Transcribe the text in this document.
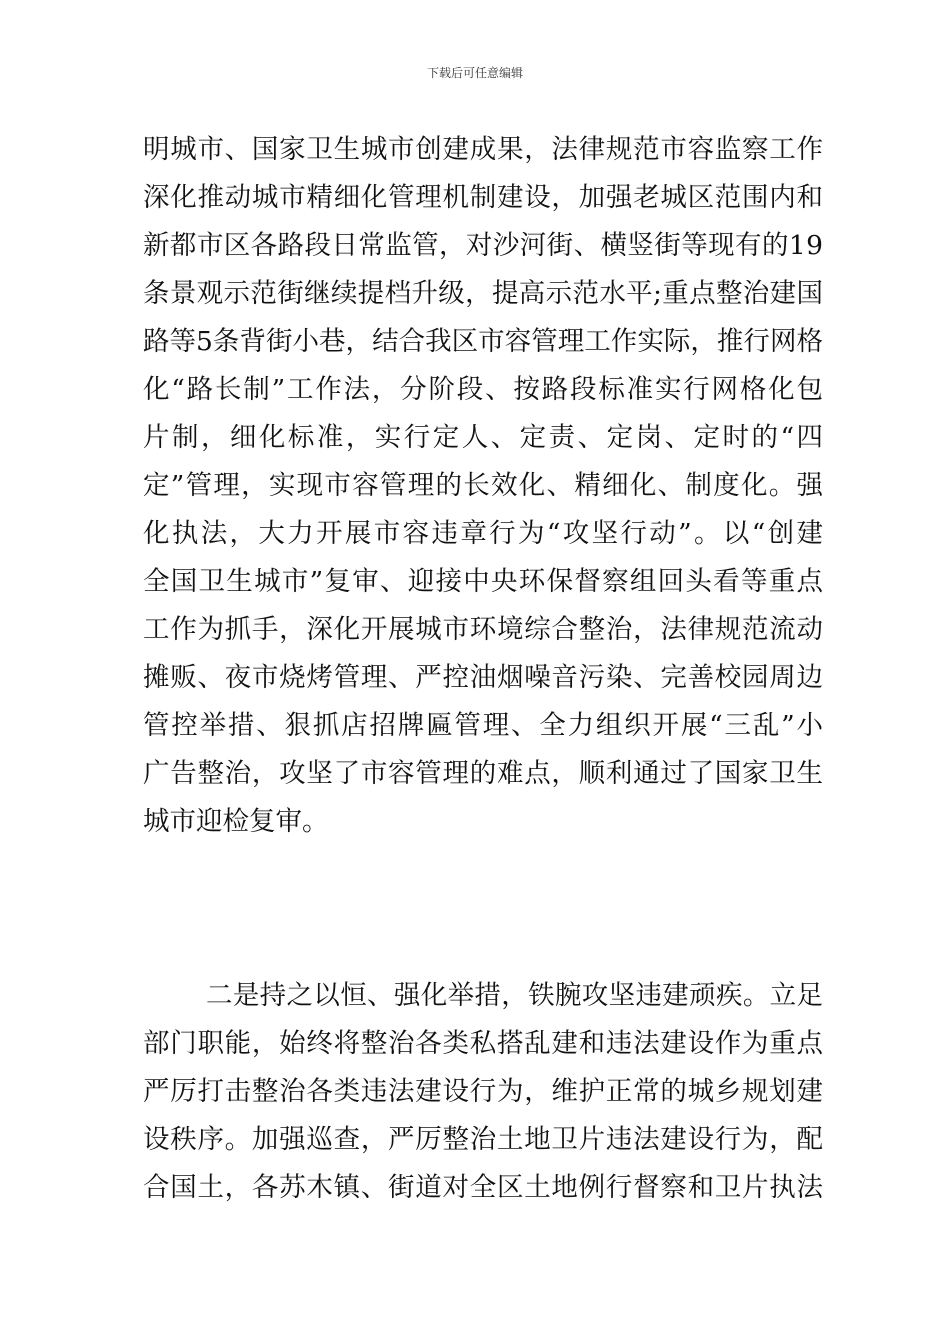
下载后可任意编辑
明城市、国家卫生城市创建成果，法律规范市容监察工作
深化推动城市精细化管理机制建设，加强老城区范围内和
新都市区各路段日常监管，对沙河街、横竖街等现有的19
条景观示范街继续提档升级，提高示范水平;重点整治建国
路等5条背街小巷，结合我区市容管理工作实际，推行网格
化“路长制”工作法，分阶段、按路段标准实行网格化包
片制，细化标准，实行定人、定责、定岗、定时的“四
定”管理，实现市容管理的长效化、精细化、制度化。强
化执法，大力开展市容违章行为“攻坚行动”。以“创建
全国卫生城市”复审、迎接中央环保督察组回头看等重点
工作为抓手，深化开展城市环境综合整治，法律规范流动
摊贩、夜市烧烤管理、严控油烟噪音污染、完善校园周边
管控举措、狠抓店招牌匾管理、全力组织开展“三乱”小
广告整治，攻坚了市容管理的难点，顺利通过了国家卫生
城市迎检复审。
二是持之以恒、强化举措，铁腕攻坚违建顽疾。立足
部门职能，始终将整治各类私搭乱建和违法建设作为重点
严厉打击整治各类违法建设行为，维护正常的城乡规划建
设秩序。加强巡查，严厉整治土地卫片违法建设行为，配
合国土，各苏木镇、街道对全区土地例行督察和卫片执法
